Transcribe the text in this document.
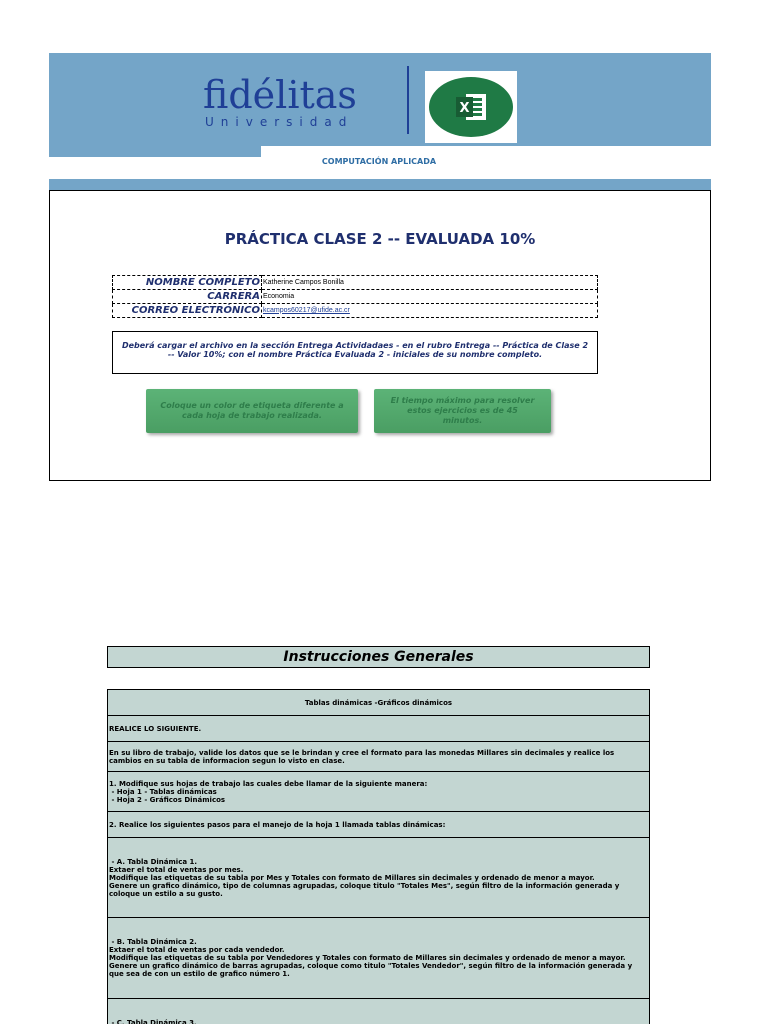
fidélitas
Universidad
X
COMPUTACIÓN APLICADA
PRÁCTICA CLASE 2 -- EVALUADA 10%
NOMBRE COMPLETO	Katherine Campos Bonilla
CARRERA	Economia
CORREO ELECTRÓNICO	kcampos60217@ufide.ac.cr
Deberá cargar el archivo en la sección Entrega Actividadaes - en el rubro Entrega -- Práctica de Clase 2 -- Valor 10%; con el nombre Práctica Evaluada 2 - iniciales de su nombre completo.
Coloque un color de etiqueta diferente a cada hoja de trabajo realizada.
El tiempo máximo para resolver estos ejercicios es de 45 minutos.
Instrucciones Generales
Tablas dinámicas -Gráficos dinámicos

REALICE LO SIGUIENTE.

En su libro de trabajo, valide los datos que se le brindan y cree el formato para las monedas Millares sin decimales y realice los cambios en su tabla de informacion segun lo visto en clase.

1. Modifique sus hojas de trabajo las cuales debe llamar de la siguiente manera:
- Hoja 1 - Tablas dinámicas
- Hoja 2 - Gráficos Dinámicos

2. Realice los siguientes pasos para el manejo de la hoja 1 llamada tablas dinámicas:

- A. Tabla Dinámica 1.
Extaer el total de ventas por mes.
Modifique las etiquetas de su tabla por Mes y Totales con formato de Millares sin decimales y ordenado de menor a mayor.
Genere un grafico dinámico, tipo de columnas agrupadas, coloque titulo "Totales Mes", según filtro de la información generada y coloque un estilo a su gusto.

- B. Tabla Dinámica 2.
Extaer el total de ventas por cada vendedor.
Modifique las etiquetas de su tabla por Vendedores y Totales con formato de Millares sin decimales y ordenado de menor a mayor.
Genere un grafico dinámico de barras agrupadas, coloque como titulo "Totales Vendedor", según filtro de la información generada y que sea de con un estilo de grafico número 1.

- C. Tabla Dinámica 3.
